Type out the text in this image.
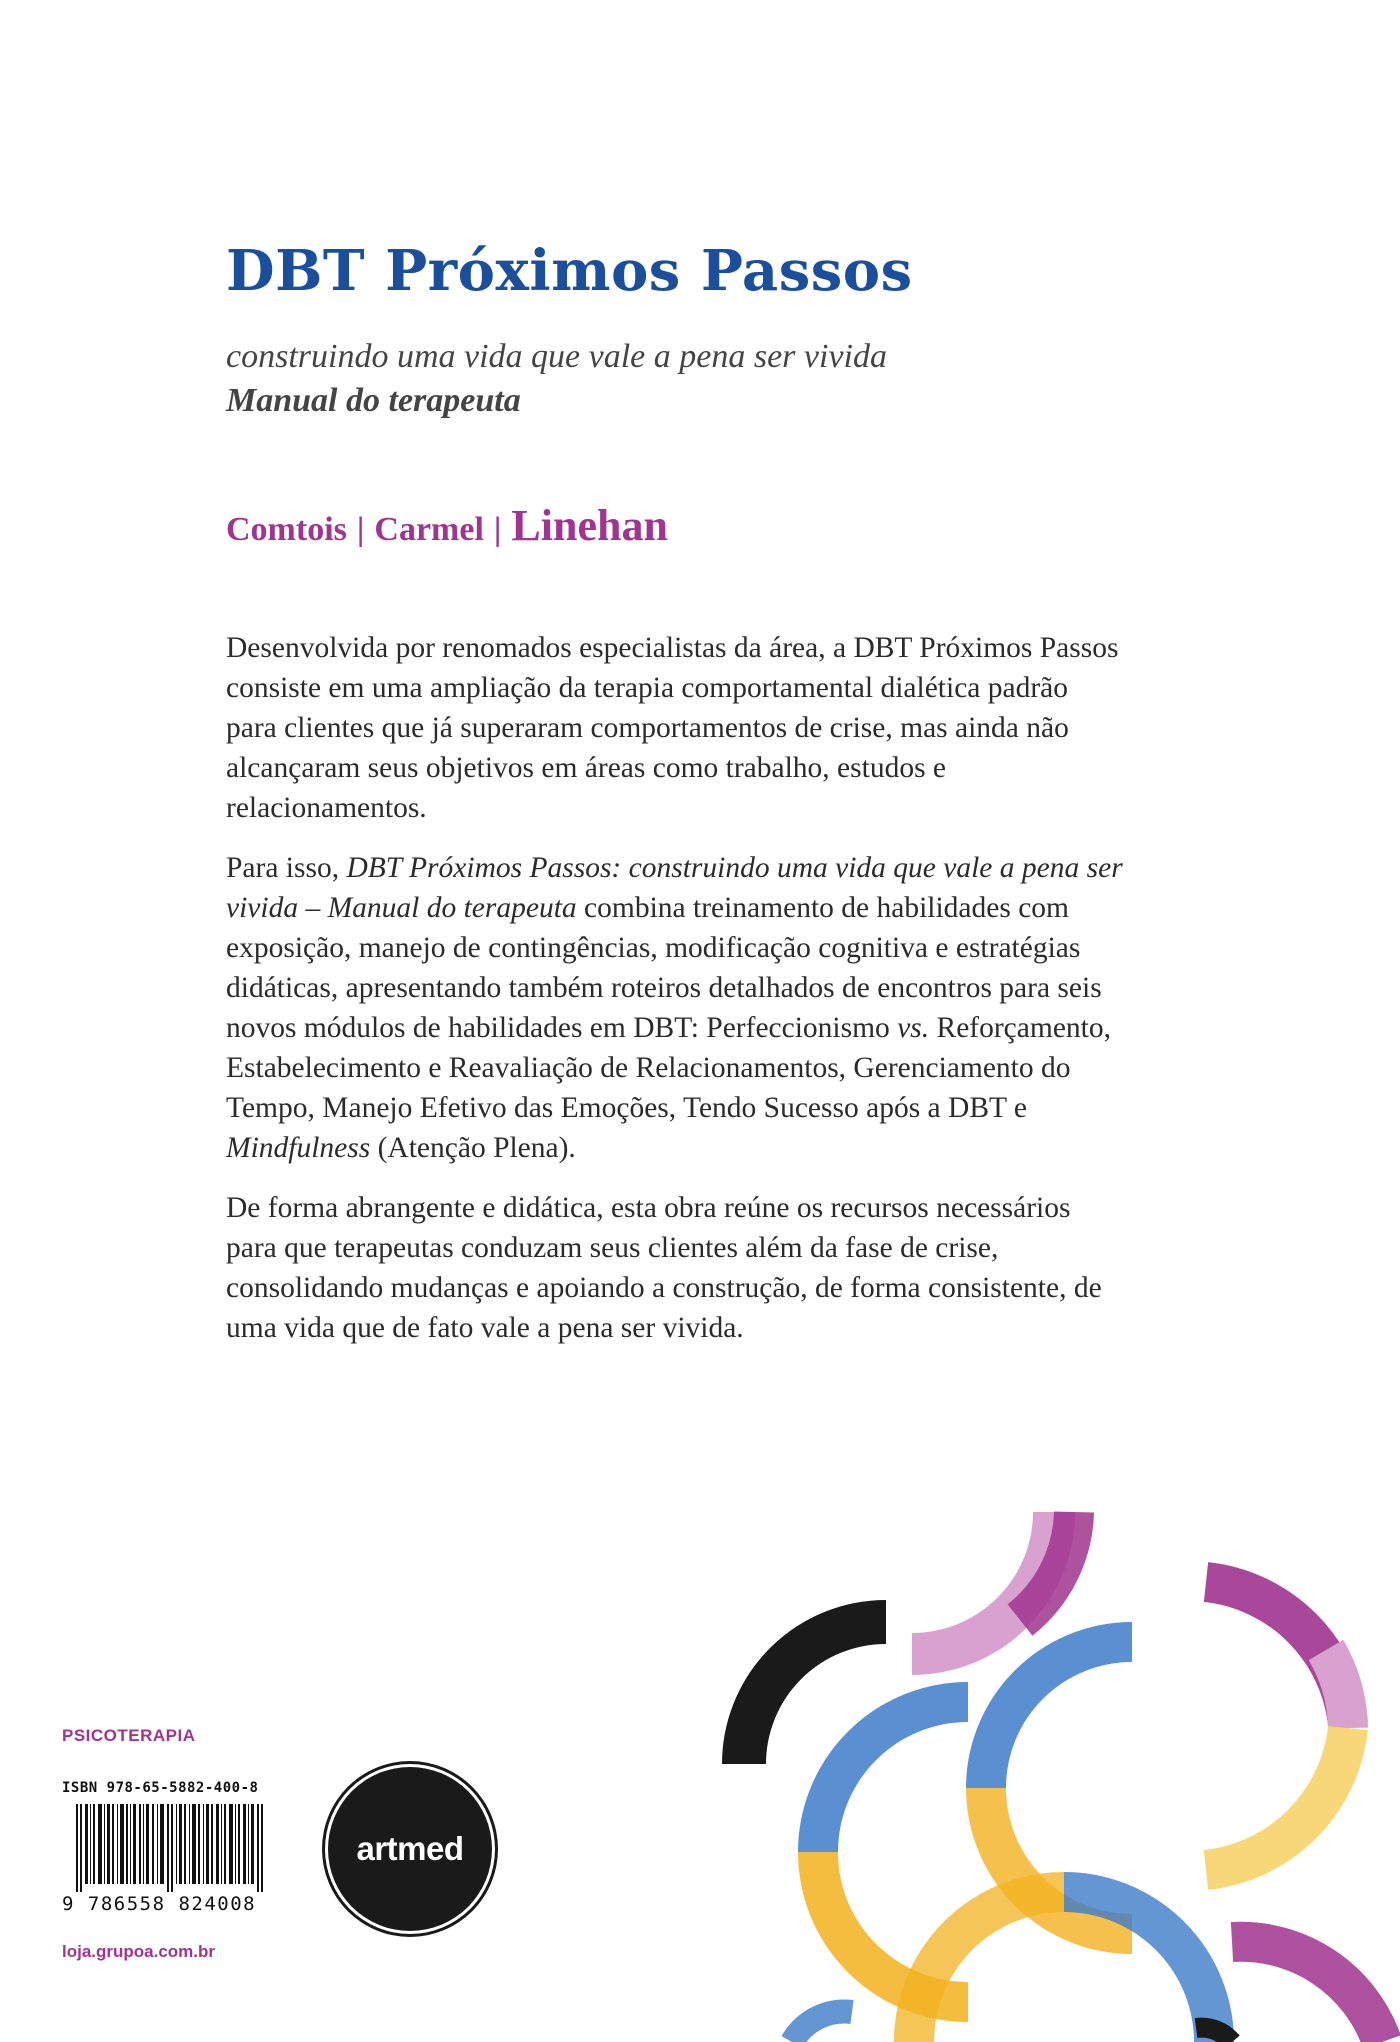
DBT Próximos Passos
construindo uma vida que vale a pena ser vivida
Manual do terapeuta
Comtois | Carmel | Linehan

Desenvolvida por renomados especialistas da área, a DBT Próximos Passos consiste em uma ampliação da terapia comportamental dialética padrão para clientes que já superaram comportamentos de crise, mas ainda não alcançaram seus objetivos em áreas como trabalho, estudos e relacionamentos.

Para isso, DBT Próximos Passos: construindo uma vida que vale a pena ser vivida – Manual do terapeuta combina treinamento de habilidades com exposição, manejo de contingências, modificação cognitiva e estratégias didáticas, apresentando também roteiros detalhados de encontros para seis novos módulos de habilidades em DBT: Perfeccionismo vs. Reforçamento, Estabelecimento e Reavaliação de Relacionamentos, Gerenciamento do Tempo, Manejo Efetivo das Emoções, Tendo Sucesso após a DBT e Mindfulness (Atenção Plena).

De forma abrangente e didática, esta obra reúne os recursos necessários para que terapeutas conduzam seus clientes além da fase de crise, consolidando mudanças e apoiando a construção, de forma consistente, de uma vida que de fato vale a pena ser vivida.

PSICOTERAPIA
ISBN 978-65-5882-400-8
9 786558 824008
loja.grupoa.com.br
artmed
